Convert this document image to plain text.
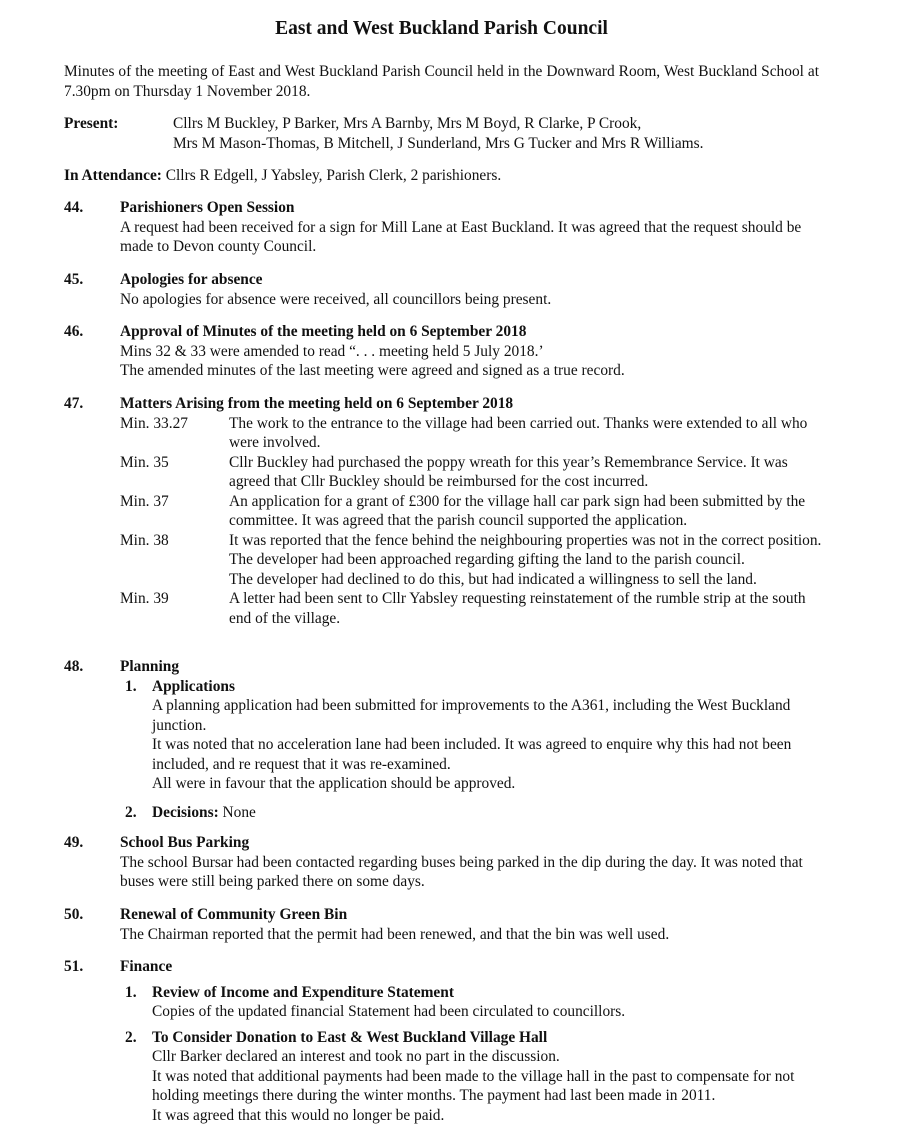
East and West Buckland Parish Council
Minutes of the meeting of East and West Buckland Parish Council held in the Downward Room, West Buckland School at 7.30pm on Thursday 1 November 2018.
Present:	Cllrs M Buckley, P Barker, Mrs A Barnby, Mrs M Boyd, R Clarke, P Crook,
Mrs M Mason-Thomas, B Mitchell, J Sunderland, Mrs G Tucker and Mrs R Williams.
In Attendance: Cllrs R Edgell, J Yabsley, Parish Clerk, 2 parishioners.
44. Parishioners Open Session
A request had been received for a sign for Mill Lane at East Buckland. It was agreed that the request should be made to Devon county Council.
45. Apologies for absence
No apologies for absence were received, all councillors being present.
46. Approval of Minutes of the meeting held on 6 September 2018
Mins 32 & 33 were amended to read “. . . meeting held 5 July 2018.’
The amended minutes of the last meeting were agreed and signed as a true record.
47. Matters Arising from the meeting held on 6 September 2018
Min. 33.27	The work to the entrance to the village had been carried out. Thanks were extended to all who were involved.
Min. 35	Cllr Buckley had purchased the poppy wreath for this year’s Remembrance Service. It was agreed that Cllr Buckley should be reimbursed for the cost incurred.
Min. 37	An application for a grant of £300 for the village hall car park sign had been submitted by the committee. It was agreed that the parish council supported the application.
Min. 38	It was reported that the fence behind the neighbouring properties was not in the correct position.
The developer had been approached regarding gifting the land to the parish council.
The developer had declined to do this, but had indicated a willingness to sell the land.
Min. 39	A letter had been sent to Cllr Yabsley requesting reinstatement of the rumble strip at the south end of the village.
48. Planning
1. Applications
A planning application had been submitted for improvements to the A361, including the West Buckland junction.
It was noted that no acceleration lane had been included. It was agreed to enquire why this had not been included, and re request that it was re-examined.
All were in favour that the application should be approved.
2. Decisions: None
49. School Bus Parking
The school Bursar had been contacted regarding buses being parked in the dip during the day. It was noted that buses were still being parked there on some days.
50. Renewal of Community Green Bin
The Chairman reported that the permit had been renewed, and that the bin was well used.
51. Finance
1. Review of Income and Expenditure Statement
Copies of the updated financial Statement had been circulated to councillors.
2. To Consider Donation to East & West Buckland Village Hall
Cllr Barker declared an interest and took no part in the discussion.
It was noted that additional payments had been made to the village hall in the past to compensate for not holding meetings there during the winter months. The payment had last been made in 2011.
It was agreed that this would no longer be paid.
